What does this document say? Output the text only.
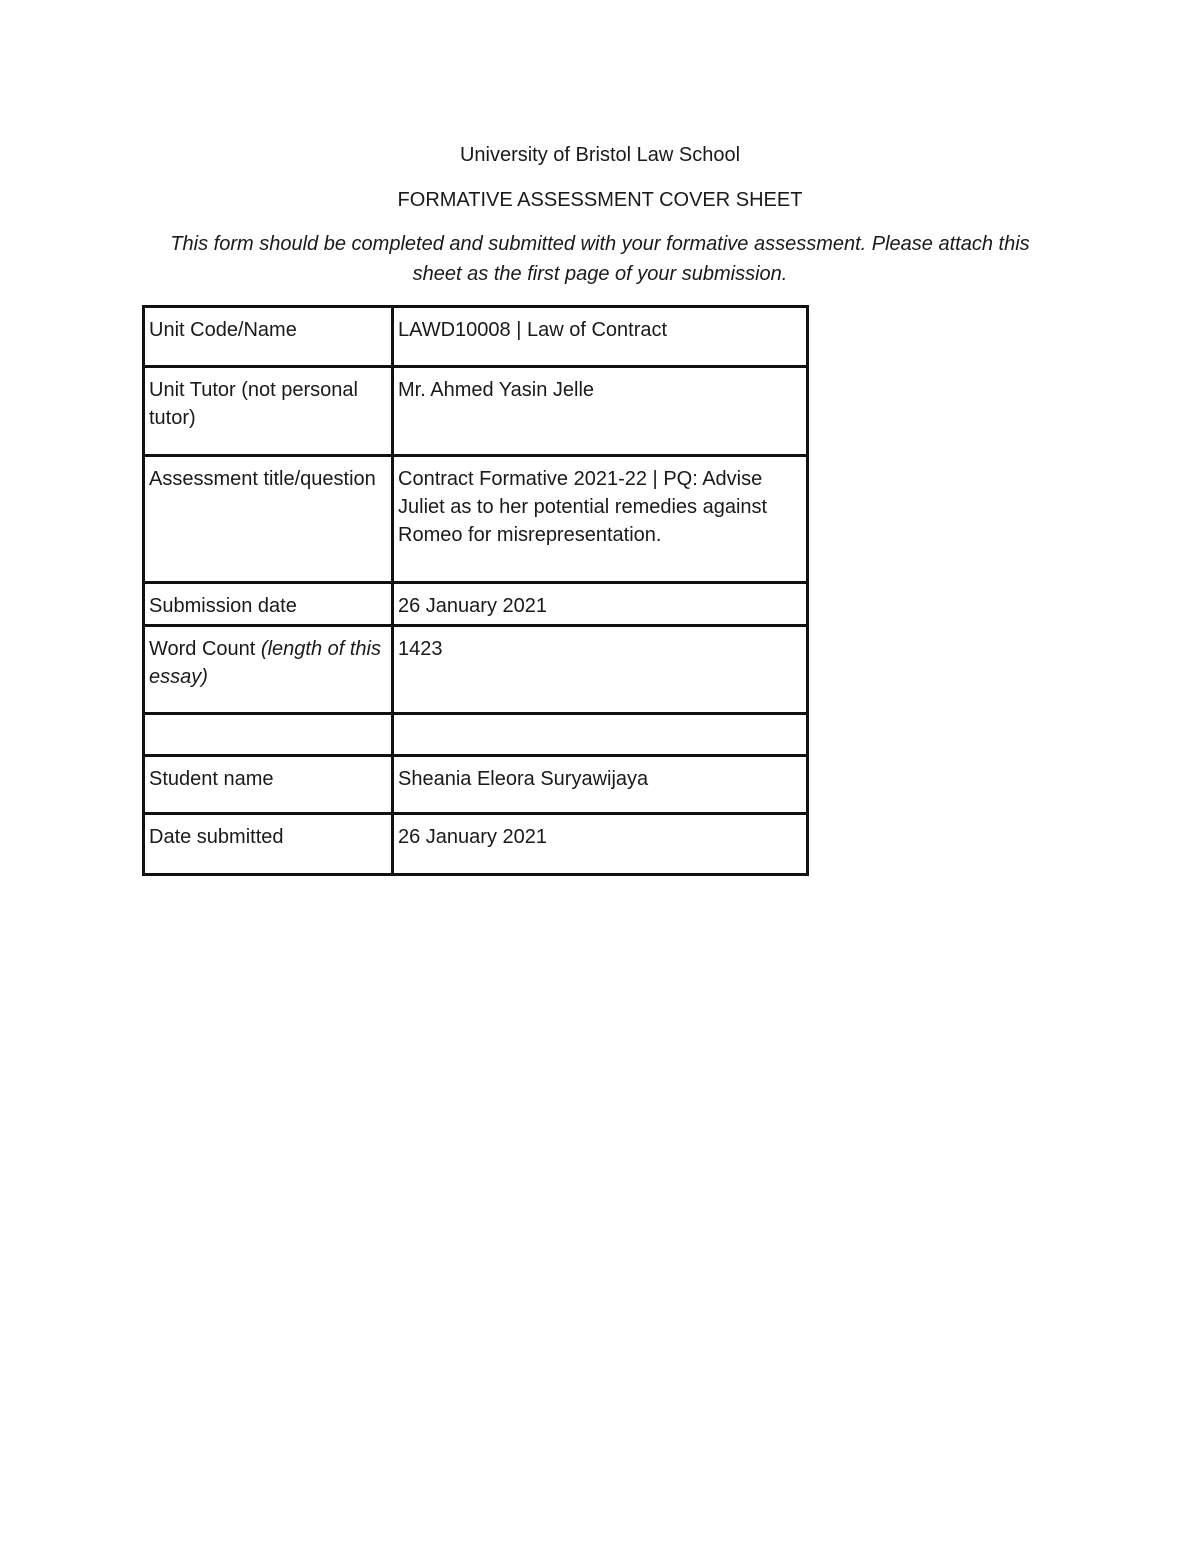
University of Bristol Law School
FORMATIVE ASSESSMENT COVER SHEET
This form should be completed and submitted with your formative assessment. Please attach this sheet as the first page of your submission.
Unit Code/Name	LAWD10008 | Law of Contract
Unit Tutor (not personal tutor)	Mr. Ahmed Yasin Jelle
Assessment title/question	Contract Formative 2021-22 | PQ: Advise Juliet as to her potential remedies against Romeo for misrepresentation.
Submission date	26 January 2021
Word Count (length of this essay)	1423

Student name	Sheania Eleora Suryawijaya
Date submitted	26 January 2021
